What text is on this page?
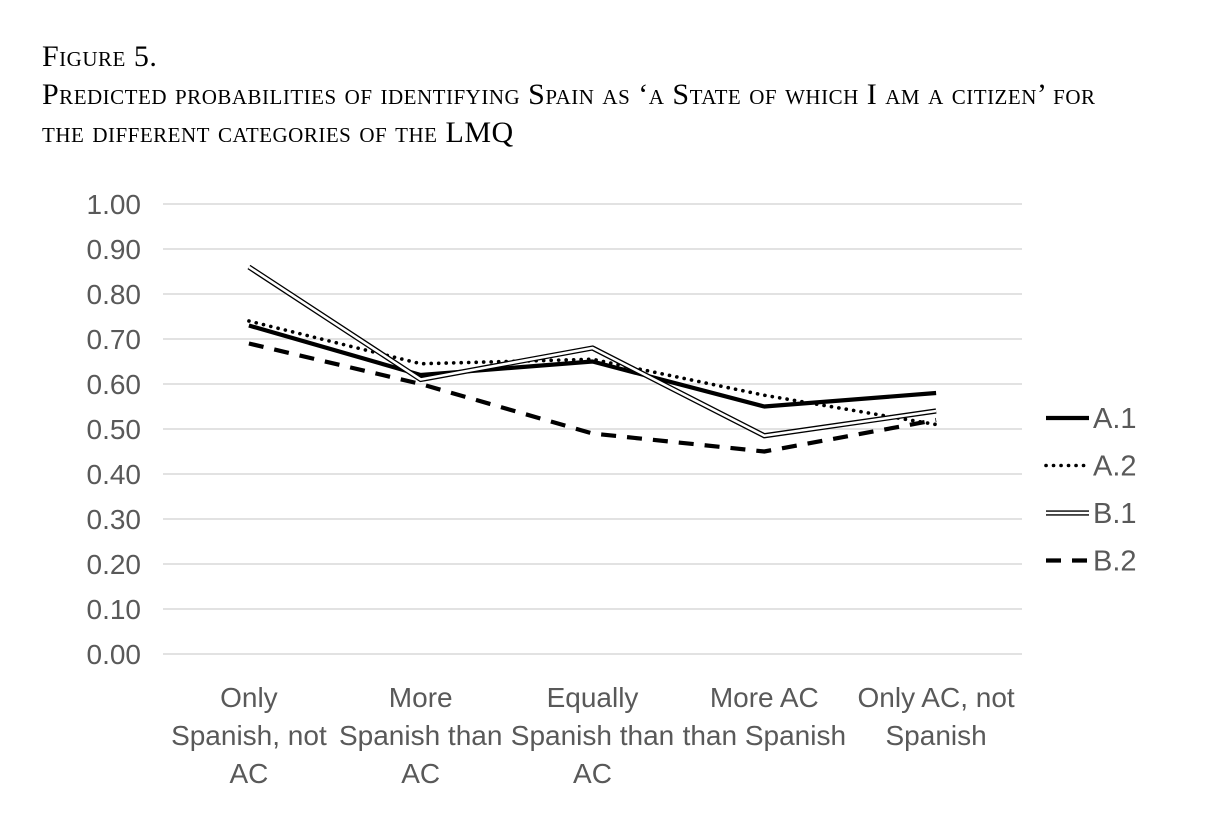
Figure 5.
Predicted probabilities of identifying Spain as ‘a State of which I am a citizen’ for
the different categories of the LMQ
0.00
0.10
0.20
0.30
0.40
0.50
0.60
0.70
0.80
0.90
1.00
Only Spanish, not AC
More Spanish than AC
Equally Spanish than AC
More AC than Spanish
Only AC, not Spanish
A.1
A.2
B.1
B.2
